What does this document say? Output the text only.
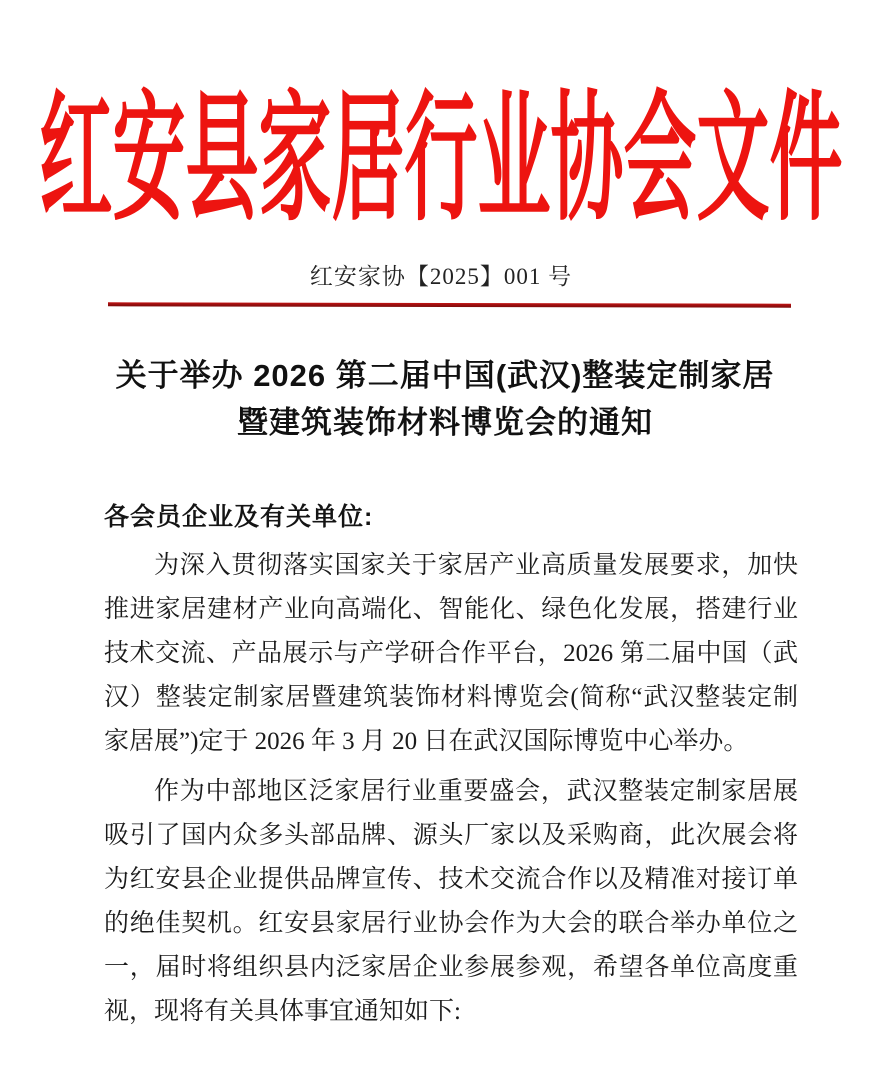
红安县家居行业协会文件
红安家协【2025】001 号
关于举办 2026 第二届中国(武汉)整装定制家居
暨建筑装饰材料博览会的通知

各会员企业及有关单位:

为深入贯彻落实国家关于家居产业高质量发展要求，加快推进家居建材产业向高端化、智能化、绿色化发展，搭建行业技术交流、产品展示与产学研合作平台，2026 第二届中国（武汉）整装定制家居暨建筑装饰材料博览会(简称“武汉整装定制家居展”)定于 2026 年 3 月 20 日在武汉国际博览中心举办。

作为中部地区泛家居行业重要盛会，武汉整装定制家居展吸引了国内众多头部品牌、源头厂家以及采购商，此次展会将为红安县企业提供品牌宣传、技术交流合作以及精准对接订单的绝佳契机。红安县家居行业协会作为大会的联合举办单位之一，届时将组织县内泛家居企业参展参观，希望各单位高度重视，现将有关具体事宜通知如下:
